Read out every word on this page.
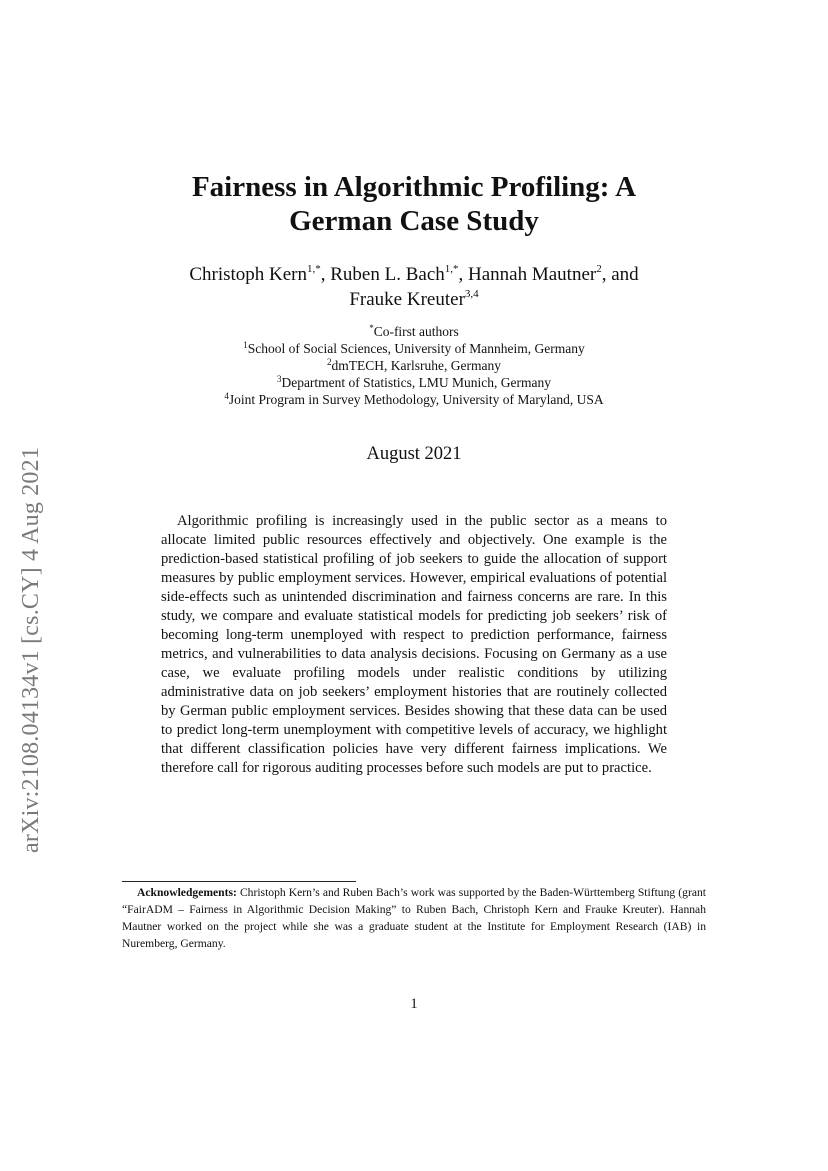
arXiv:2108.04134v1 [cs.CY] 4 Aug 2021
Fairness in Algorithmic Profiling: A
German Case Study
Christoph Kern$^{1,*}$, Ruben L. Bach$^{1,*}$, Hannah Mautner$^2$, and
Frauke Kreuter$^{3,4}$
*Co-first authors
$^1$School of Social Sciences, University of Mannheim, Germany
$^2$dmTECH, Karlsruhe, Germany
$^3$Department of Statistics, LMU Munich, Germany
$^4$Joint Program in Survey Methodology, University of Maryland, USA
August 2021

Algorithmic profiling is increasingly used in the public sector as a means to allocate limited public resources effectively and objectively. One example is the prediction-based statistical profiling of job seekers to guide the allocation of support measures by public employment services. However, empirical evaluations of potential side-effects such as unintended discrimination and fairness concerns are rare. In this study, we compare and evaluate statistical models for predicting job seekers’ risk of becoming long-term unemployed with respect to prediction performance, fairness metrics, and vulnerabilities to data analysis decisions. Focusing on Germany as a use case, we evaluate profiling models under realistic conditions by utilizing administrative data on job seekers’ employment histories that are routinely collected by German public employment services. Besides showing that these data can be used to predict long-term unemployment with competitive levels of accuracy, we highlight that different classification policies have very different fairness implications. We therefore call for rigorous auditing processes before such models are put to practice.

Acknowledgements: Christoph Kern’s and Ruben Bach’s work was supported by the Baden-Württemberg Stiftung (grant “FairADM – Fairness in Algorithmic Decision Making” to Ruben Bach, Christoph Kern and Frauke Kreuter). Hannah Mautner worked on the project while she was a graduate student at the Institute for Employment Research (IAB) in Nuremberg, Germany.

1
